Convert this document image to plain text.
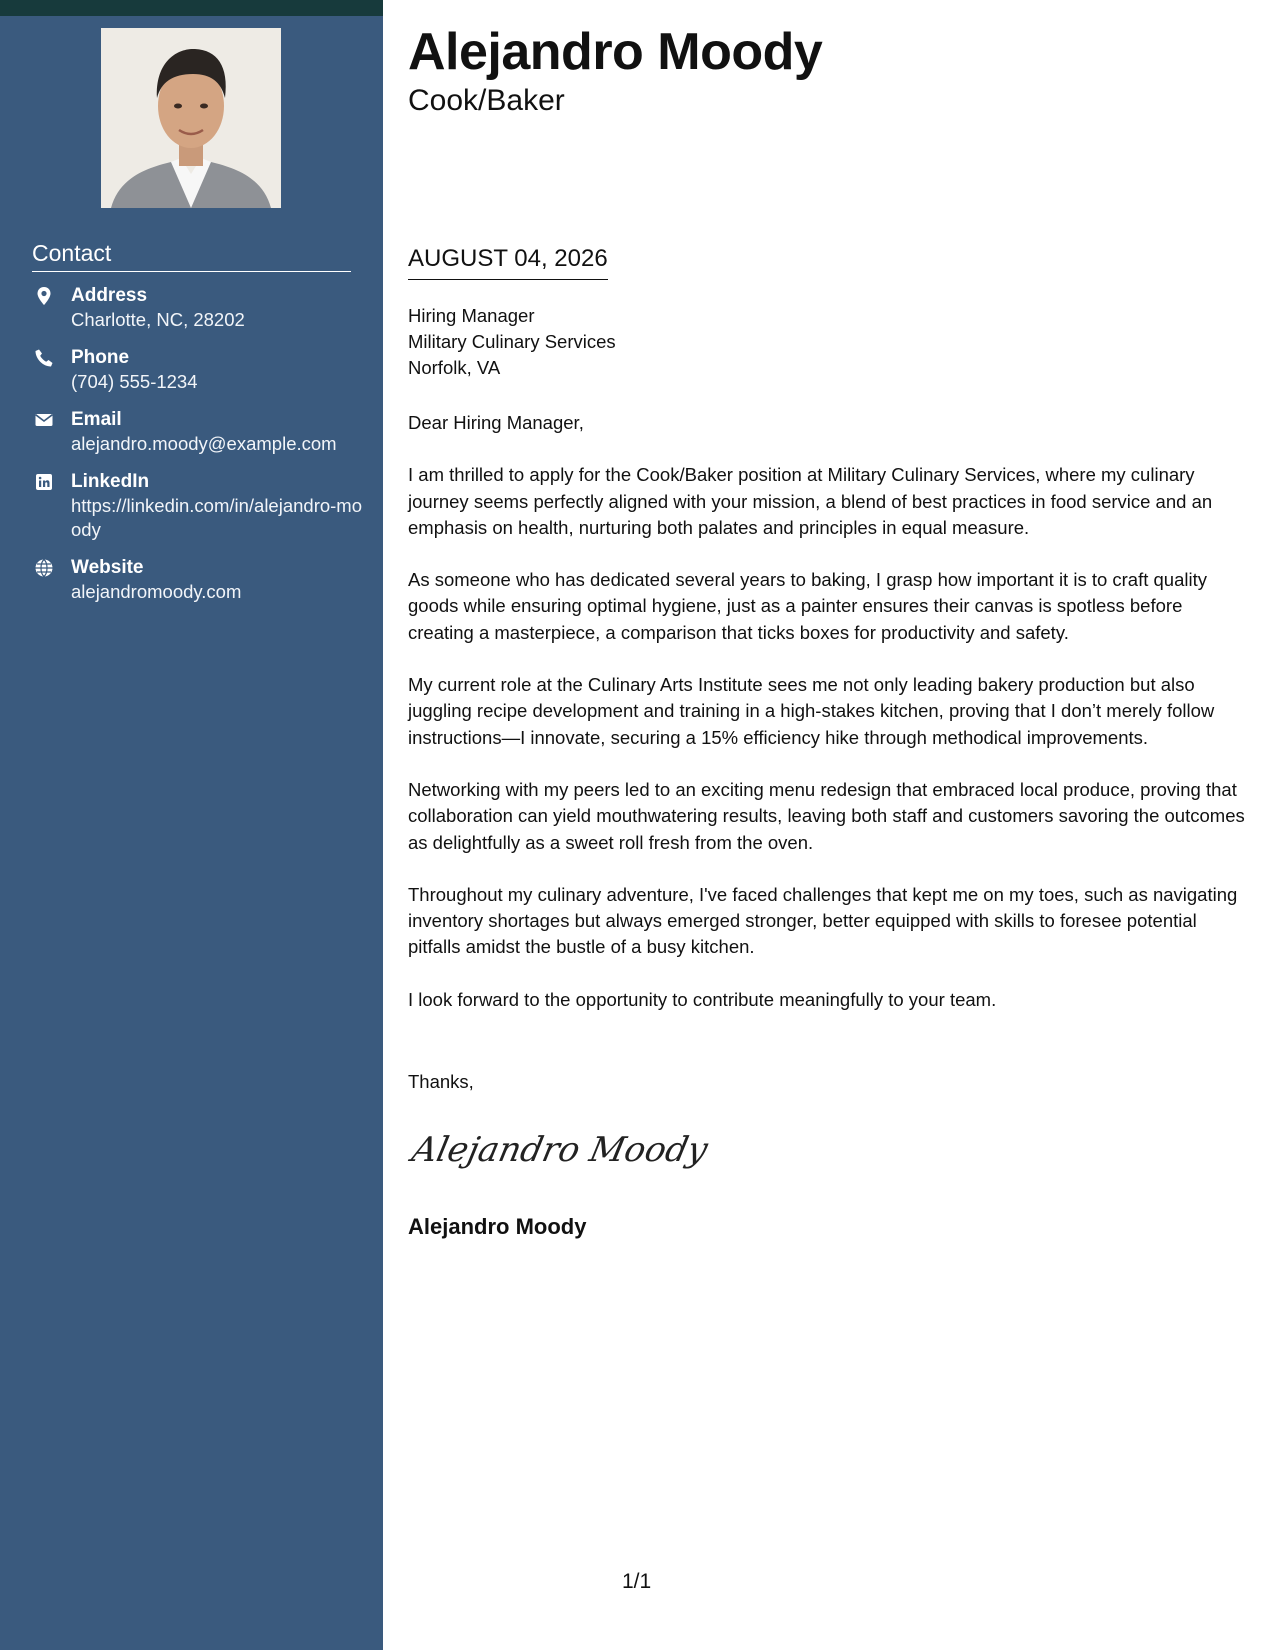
Contact
Address
Charlotte, NC, 28202
Phone
(704) 555-1234
Email
alejandro.moody@example.com
LinkedIn
https://linkedin.com/in/alejandro-moody
Website
alejandromoody.com
Alejandro Moody
Cook/Baker
AUGUST 04, 2026
Hiring Manager
Military Culinary Services
Norfolk, VA

Dear Hiring Manager,

I am thrilled to apply for the Cook/Baker position at Military Culinary Services, where my culinary journey seems perfectly aligned with your mission, a blend of best practices in food service and an emphasis on health, nurturing both palates and principles in equal measure.

As someone who has dedicated several years to baking, I grasp how important it is to craft quality goods while ensuring optimal hygiene, just as a painter ensures their canvas is spotless before creating a masterpiece, a comparison that ticks boxes for productivity and safety.

My current role at the Culinary Arts Institute sees me not only leading bakery production but also juggling recipe development and training in a high-stakes kitchen, proving that I don’t merely follow instructions—I innovate, securing a 15% efficiency hike through methodical improvements.

Networking with my peers led to an exciting menu redesign that embraced local produce, proving that collaboration can yield mouthwatering results, leaving both staff and customers savoring the outcomes as delightfully as a sweet roll fresh from the oven.

Throughout my culinary adventure, I've faced challenges that kept me on my toes, such as navigating inventory shortages but always emerged stronger, better equipped with skills to foresee potential pitfalls amidst the bustle of a busy kitchen.

I look forward to the opportunity to contribute meaningfully to your team.

Thanks,
Alejandro Moody
Alejandro Moody
1/1
